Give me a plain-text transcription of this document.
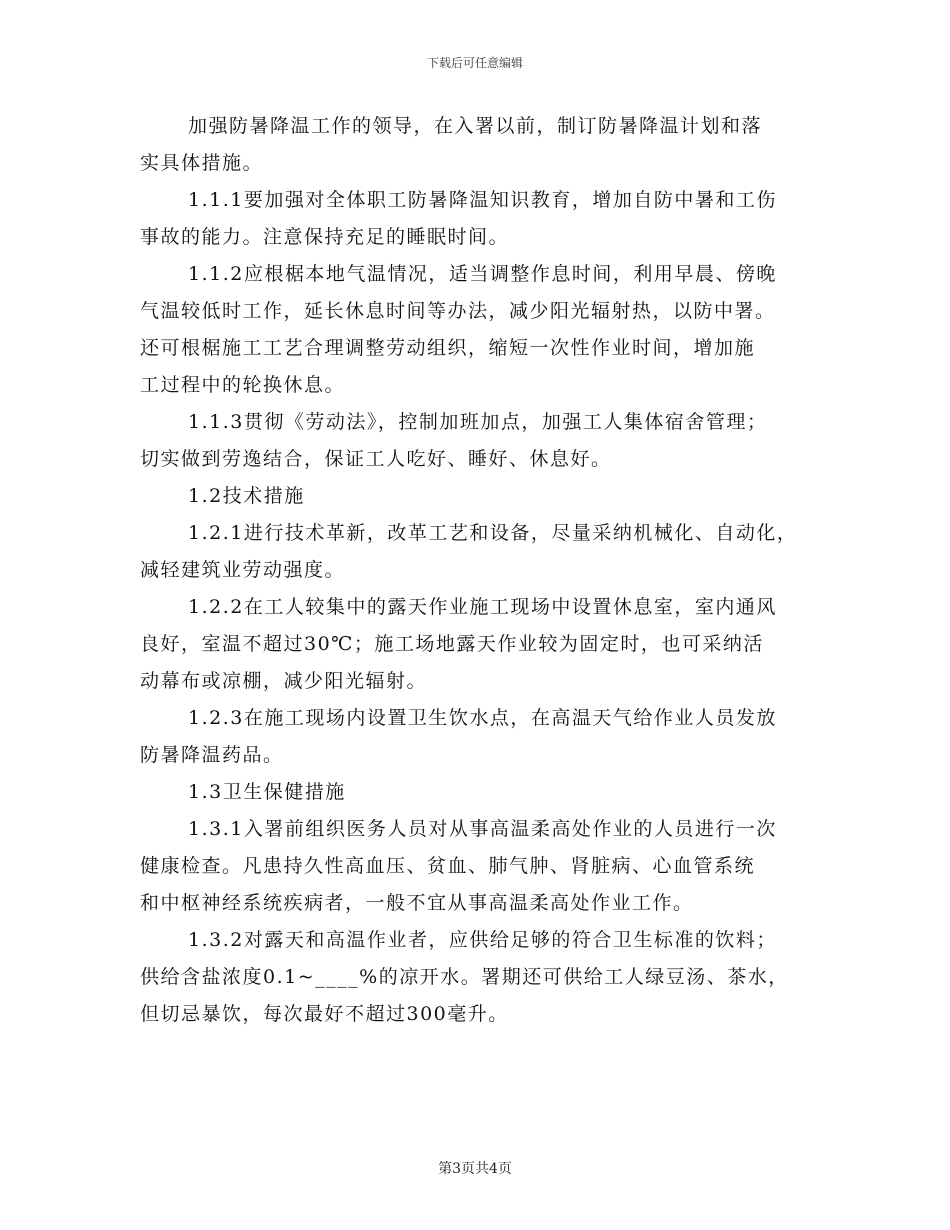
下载后可任意编辑
加强防暑降温工作的领导，在入署以前，制订防暑降温计划和落
实具体措施。
1.1.1要加强对全体职工防暑降温知识教育，增加自防中暑和工伤
事故的能力。注意保持充足的睡眠时间。
1.1.2应根椐本地气温情况，适当调整作息时间，利用早晨、傍晚
气温较低时工作，延长休息时间等办法，减少阳光辐射热，以防中署。
还可根椐施工工艺合理调整劳动组织，缩短一次性作业时间，增加施
工过程中的轮换休息。
1.1.3贯彻《劳动法》，控制加班加点，加强工人集体宿舍管理；
切实做到劳逸结合，保证工人吃好、睡好、休息好。
1.2技术措施
1.2.1进行技术革新，改革工艺和设备，尽量采纳机械化、自动化，
减轻建筑业劳动强度。
1.2.2在工人较集中的露天作业施工现场中设置休息室，室内通风
良好，室温不超过30℃；施工场地露天作业较为固定时，也可采纳活
动幕布或凉棚，减少阳光辐射。
1.2.3在施工现场内设置卫生饮水点，在高温天气给作业人员发放
防暑降温药品。
1.3卫生保健措施
1.3.1入署前组织医务人员对从事高温柔高处作业的人员进行一次
健康检查。凡患持久性高血压、贫血、肺气肿、肾脏病、心血管系统
和中枢神经系统疾病者，一般不宜从事高温柔高处作业工作。
1.3.2对露天和高温作业者，应供给足够的符合卫生标准的饮料；
供给含盐浓度0.1~____%的凉开水。署期还可供给工人绿豆汤、茶水，
但切忌暴饮，每次最好不超过300毫升。
第3页共4页
